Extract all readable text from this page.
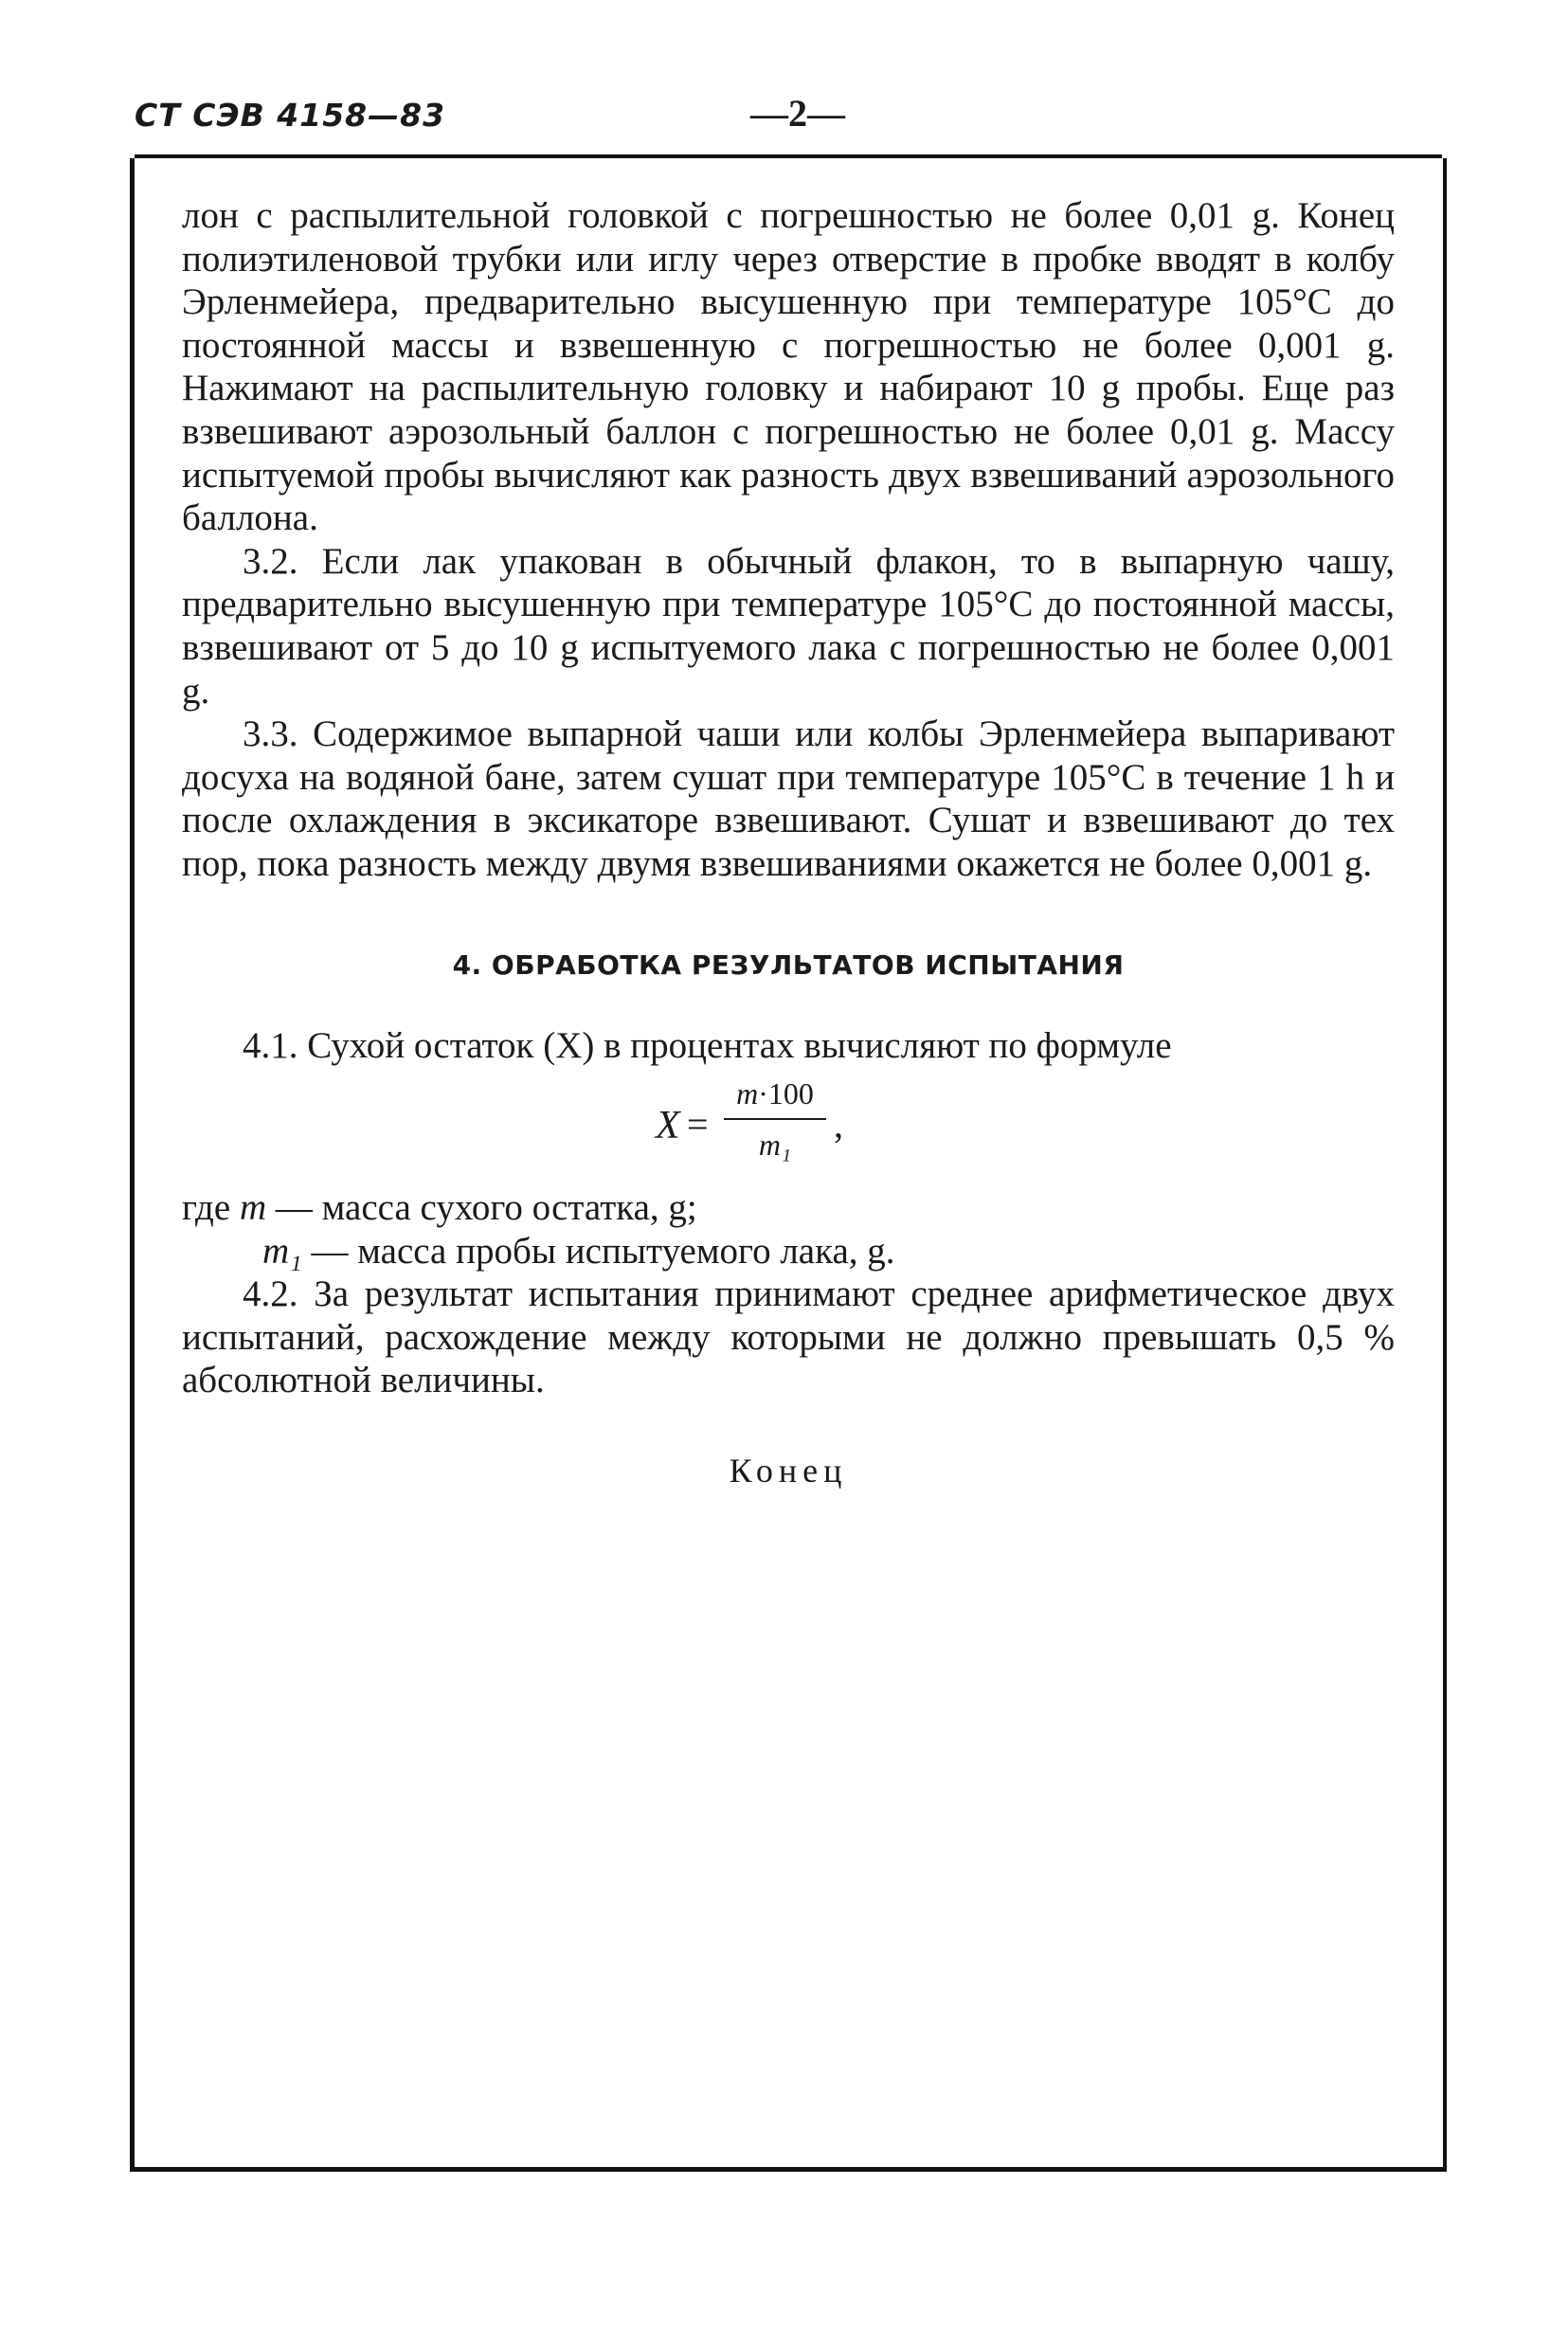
СТ СЭВ 4158—83	—2—

лон с распылительной головкой с погрешностью не более 0,01 g. Конец полиэтиленовой трубки или иглу через отверстие в пробке вводят в колбу Эрленмейера, предварительно высушенную при температуре 105°С до постоянной массы и взвешенную с погрешностью не более 0,001 g. Нажимают на распылительную головку и набирают 10 g пробы. Еще раз взвешивают аэрозольный баллон с погрешностью не более 0,01 g. Массу испытуемой пробы вычисляют как разность двух взвешиваний аэрозольного баллона.

3.2. Если лак упакован в обычный флакон, то в выпарную чашу, предварительно высушенную при температуре 105°С до постоянной массы, взвешивают от 5 до 10 g испытуемого лака с погрешностью не более 0,001 g.

3.3. Содержимое выпарной чаши или колбы Эрленмейера выпаривают досуха на водяной бане, затем сушат при температуре 105°С в течение 1 h и после охлаждения в эксикаторе взвешивают. Сушат и взвешивают до тех пор, пока разность между двумя взвешиваниями окажется не более 0,001 g.

4. ОБРАБОТКА РЕЗУЛЬТАТОВ ИСПЫТАНИЯ

4.1. Сухой остаток (X) в процентах вычисляют по формуле

X =
m·100
m₁	,

где m — масса сухого остатка, g;

m₁ — масса пробы испытуемого лака, g.

4.2. За результат испытания принимают среднее арифметическое двух испытаний, расхождение между которыми не должно превышать 0,5 % абсолютной величины.

Конец
